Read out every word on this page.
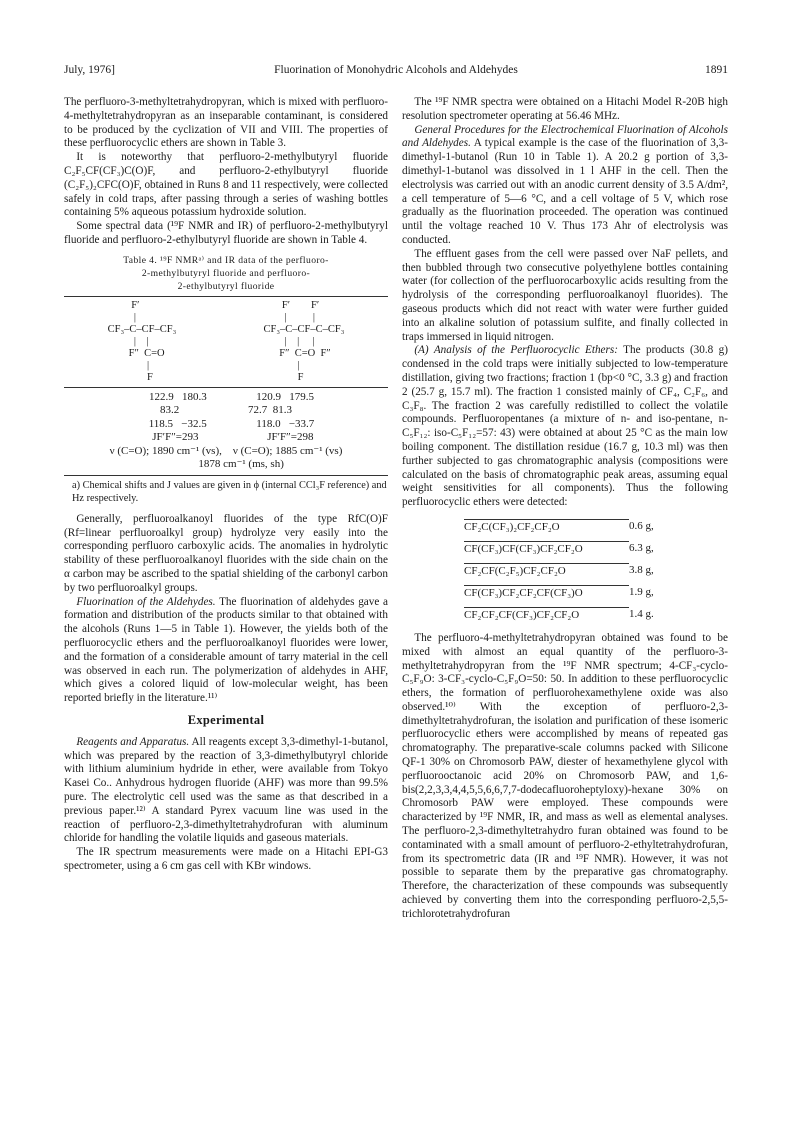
July, 1976]	Fluorination of Monohydric Alcohols and Aldehydes	1891

The perfluoro-3-methyltetrahydropyran, which is mixed with perfluoro-4-methyltetrahydropyran as an inseparable contaminant, is considered to be produced by the cyclization of VII and VIII. The properties of these perfluorocyclic ethers are shown in Table 3.

It is noteworthy that perfluoro-2-methylbutyryl fluoride C₂F₅CF(CF₃)C(O)F, and perfluoro-2-ethylbutyryl fluoride (C₂F₅)₂CFC(O)F, obtained in Runs 8 and 11 respectively, were collected safely in cold traps, after passing through a series of washing bottles containing 5% aqueous potassium hydroxide solution.

Some spectral data (¹⁹F NMR and IR) of perfluoro-2-methylbutyryl fluoride and perfluoro-2-ethylbutyryl fluoride are shown in Table 4.

Table 4. ¹⁹F NMRᵃ⁾ and IR data of the perfluoro-
2-methylbutyryl fluoride and perfluoro-
2-ethylbutyryl fluoride
F′
|
CF₃–C–CF–CF₃
|    |
F″  C=O
|
F
F′        F′
|          |
CF₃–C–CF–C–CF₃
|    |     |
F″  C=O  F″
|
F
122.9   180.3                  120.9   179.5
83.2                         72.7  81.3
118.5   −32.5                  118.0   −33.7
JF′F″=293                         JF′F″=298
ν (C=O); 1890 cm⁻¹ (vs),    ν (C=O); 1885 cm⁻¹ (vs)
1878 cm⁻¹ (ms, sh)
a) Chemical shifts and J values are given in ϕ (internal CCl₃F reference) and Hz respectively.

Generally, perfluoroalkanoyl fluorides of the type RfC(O)F (Rf=linear perfluoroalkyl group) hydrolyze very easily into the corresponding perfluoro carboxylic acids. The anomalies in hydrolytic stability of these perfluoroalkanoyl fluorides with the side chain on the α carbon may be ascribed to the spatial shielding of the carbonyl carbon by two perfluoroalkyl groups.

Fluorination of the Aldehydes. The fluorination of aldehydes gave a formation and distribution of the products similar to that obtained with the alcohols (Runs 1—5 in Table 1). However, the yields both of the perfluorocyclic ethers and the perfluoroalkanoyl fluorides were lower, and the formation of a considerable amount of tarry material in the cell was observed in each run. The polymerization of aldehydes in AHF, which gives a colored liquid of low-molecular weight, has been reported briefly in the literature.¹¹⁾

Experimental

Reagents and Apparatus. All reagents except 3,3-dimethyl-1-butanol, which was prepared by the reaction of 3,3-dimethylbutyryl chloride with lithium aluminium hydride in ether, were available from Tokyo Kasei Co.. Anhydrous hydrogen fluoride (AHF) was more than 99.5% pure. The electrolytic cell used was the same as that described in a previous paper.¹²⁾ A standard Pyrex vacuum line was used in the reaction of perfluoro-2,3-dimethyltetrahydrofuran with aluminum chloride for handling the volatile liquids and gaseous materials.

The IR spectrum measurements were made on a Hitachi EPI-G3 spectrometer, using a 6 cm gas cell with KBr windows.

The ¹⁹F NMR spectra were obtained on a Hitachi Model R-20B high resolution spectrometer operating at 56.46 MHz.

General Procedures for the Electrochemical Fluorination of Alcohols and Aldehydes. A typical example is the case of the fluorination of 3,3-dimethyl-1-butanol (Run 10 in Table 1). A 20.2 g portion of 3,3-dimethyl-1-butanol was dissolved in 1 l AHF in the cell. Then the electrolysis was carried out with an anodic current density of 3.5 A/dm², a cell temperature of 5—6 °C, and a cell voltage of 5 V, which rose gradually as the fluorination proceeded. The operation was continued until the voltage reached 10 V. Thus 173 Ahr of electrolysis was conducted.

The effluent gases from the cell were passed over NaF pellets, and then bubbled through two consecutive polyethylene bottles containing water (for collection of the perfluorocarboxylic acids resulting from the hydrolysis of the corresponding perfluoroalkanoyl fluorides). The gaseous products which did not react with water were further guided into an alkaline solution of potassium sulfite, and finally collected in traps immersed in liquid nitrogen.

(A) Analysis of the Perfluorocyclic Ethers: The products (30.8 g) condensed in the cold traps were initially subjected to low-temperature distillation, giving two fractions; fraction 1 (bp<0 °C, 3.3 g) and fraction 2 (25.7 g, 15.7 ml). The fraction 1 consisted mainly of CF₄, C₂F₆, and C₃F₈. The fraction 2 was carefully redistilled to collect the volatile compounds. Perfluoropentanes (a mixture of n- and iso-pentane, n-C₅F₁₂: iso-C₅F₁₂=57: 43) were obtained at about 25 °C as the main low boiling component. The distillation residue (16.7 g, 10.3 ml) was then further subjected to gas chromatographic analysis (compositions were calculated on the basis of chromatographic peak areas, assuming equal weight sensitivities for all components). Thus the following perfluorocyclic ethers were detected:

CF₂C(CF₃)₂CF₂CF₂O	0.6 g,
CF(CF₃)CF(CF₃)CF₂CF₂O	6.3 g,
CF₂CF(C₂F₅)CF₂CF₂O	3.8 g,
CF(CF₃)CF₂CF₂CF(CF₃)O	1.9 g,
CF₂CF₂CF(CF₃)CF₂CF₂O	1.4 g.

The perfluoro-4-methyltetrahydropyran obtained was found to be mixed with almost an equal quantity of the perfluoro-3-methyltetrahydropyran from the ¹⁹F NMR spectrum; 4-CF₃-cyclo-C₅F₉O: 3-CF₃-cyclo-C₅F₉O=50: 50. In addition to these perfluorocyclic ethers, the formation of perfluorohexamethylene oxide was also observed.¹⁰⁾ With the exception of perfluoro-2,3-dimethyltetrahydrofuran, the isolation and purification of these isomeric perfluorocyclic ethers were accomplished by means of repeated gas chromatography. The preparative-scale columns packed with Silicone QF-1 30% on Chromosorb PAW, diester of hexamethylene glycol with perfluorooctanoic acid 20% on Chromosorb PAW, and 1,6-bis(2,2,3,3,4,4,5,5,6,6,7,7-dodecafluoroheptyloxy)-hexane 30% on Chromosorb PAW were employed. These compounds were characterized by ¹⁹F NMR, IR, and mass as well as elemental analyses. The perfluoro-2,3-dimethyltetrahydro furan obtained was found to be contaminated with a small amount of perfluoro-2-ethyltetrahydrofuran, from its spectrometric data (IR and ¹⁹F NMR). However, it was not possible to separate them by the preparative gas chromatography. Therefore, the characterization of these compounds was subsequently achieved by converting them into the corresponding perfluoro-2,5,5-trichlorotetrahydrofuran
